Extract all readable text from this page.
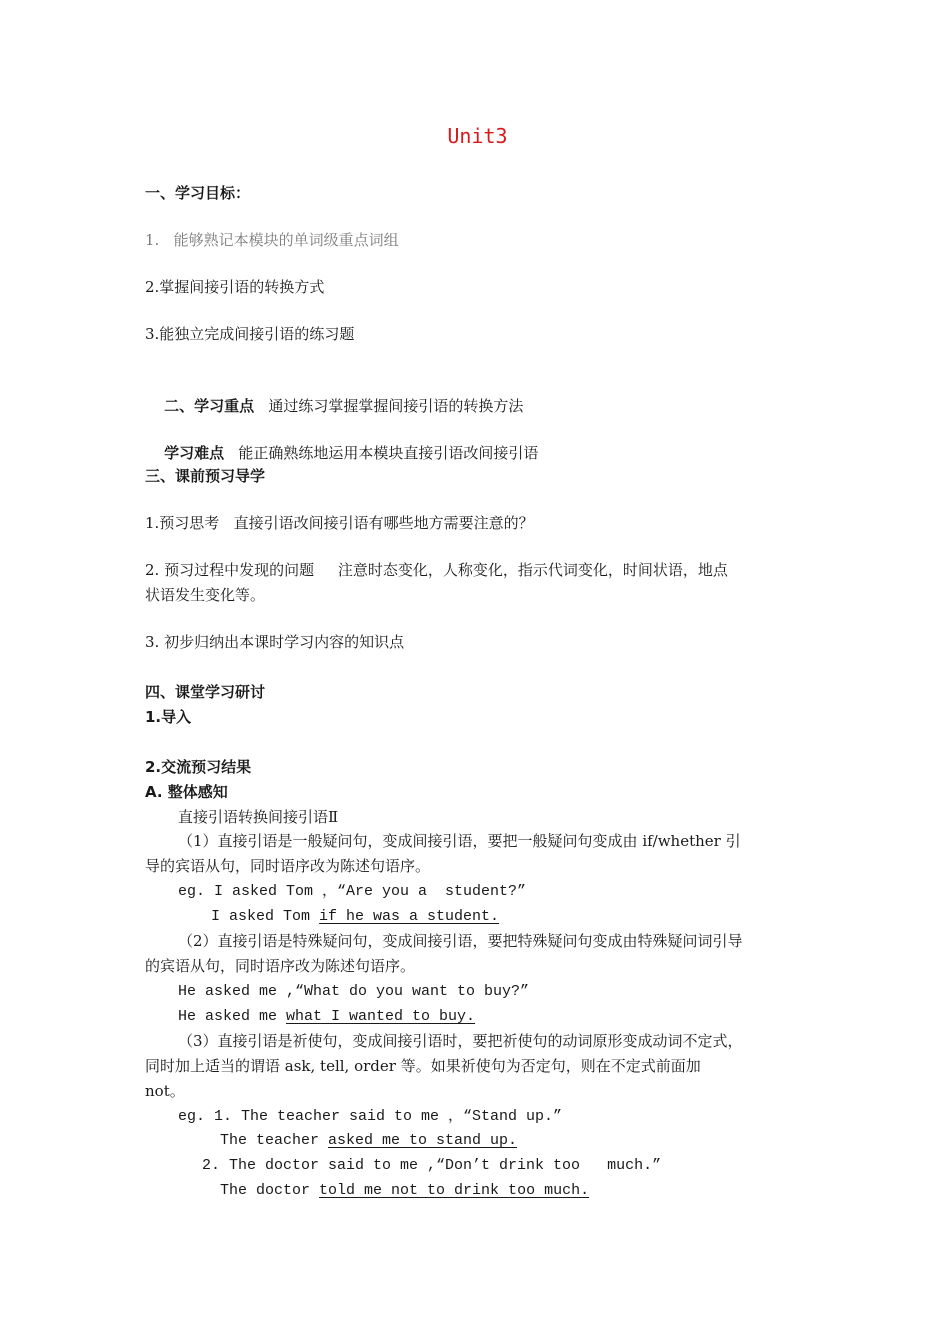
Unit3
一、学习目标：
1.   能够熟记本模块的单词级重点词组
2.掌握间接引语的转换方式
3.能独立完成间接引语的练习题

二、学习重点 通过练习掌握掌握间接引语的转换方法

学习难点 能正确熟练地运用本模块直接引语改间接引语

三、课前预习导学
1.预习思考   直接引语改间接引语有哪些地方需要注意的？
2. 预习过程中发现的问题     注意时态变化，人称变化，指示代词变化，时间状语，地点
状语发生变化等。
3. 初步归纳出本课时学习内容的知识点
四、课堂学习研讨
1.导入
2.交流预习结果
A. 整体感知
直接引语转换间接引语Ⅱ
（1）直接引语是一般疑问句，变成间接引语，要把一般疑问句变成由 if/whether 引
导的宾语从句，同时语序改为陈述句语序。
eg. I asked Tom ，“Are you a  student?”
I asked Tom if he was a student.
（2）直接引语是特殊疑问句，变成间接引语，要把特殊疑问句变成由特殊疑问词引导
的宾语从句，同时语序改为陈述句语序。
He asked me ,“What do you want to buy?”
He asked me what I wanted to buy.
（3）直接引语是祈使句，变成间接引语时，要把祈使句的动词原形变成动词不定式，
同时加上适当的谓语 ask, tell, order 等。如果祈使句为否定句，则在不定式前面加
not。
eg. 1. The teacher said to me ，“Stand up.”
The teacher asked me to stand up.
2. The doctor said to me ,“Don’t drink too   much.”
The doctor told me not to drink too much.
